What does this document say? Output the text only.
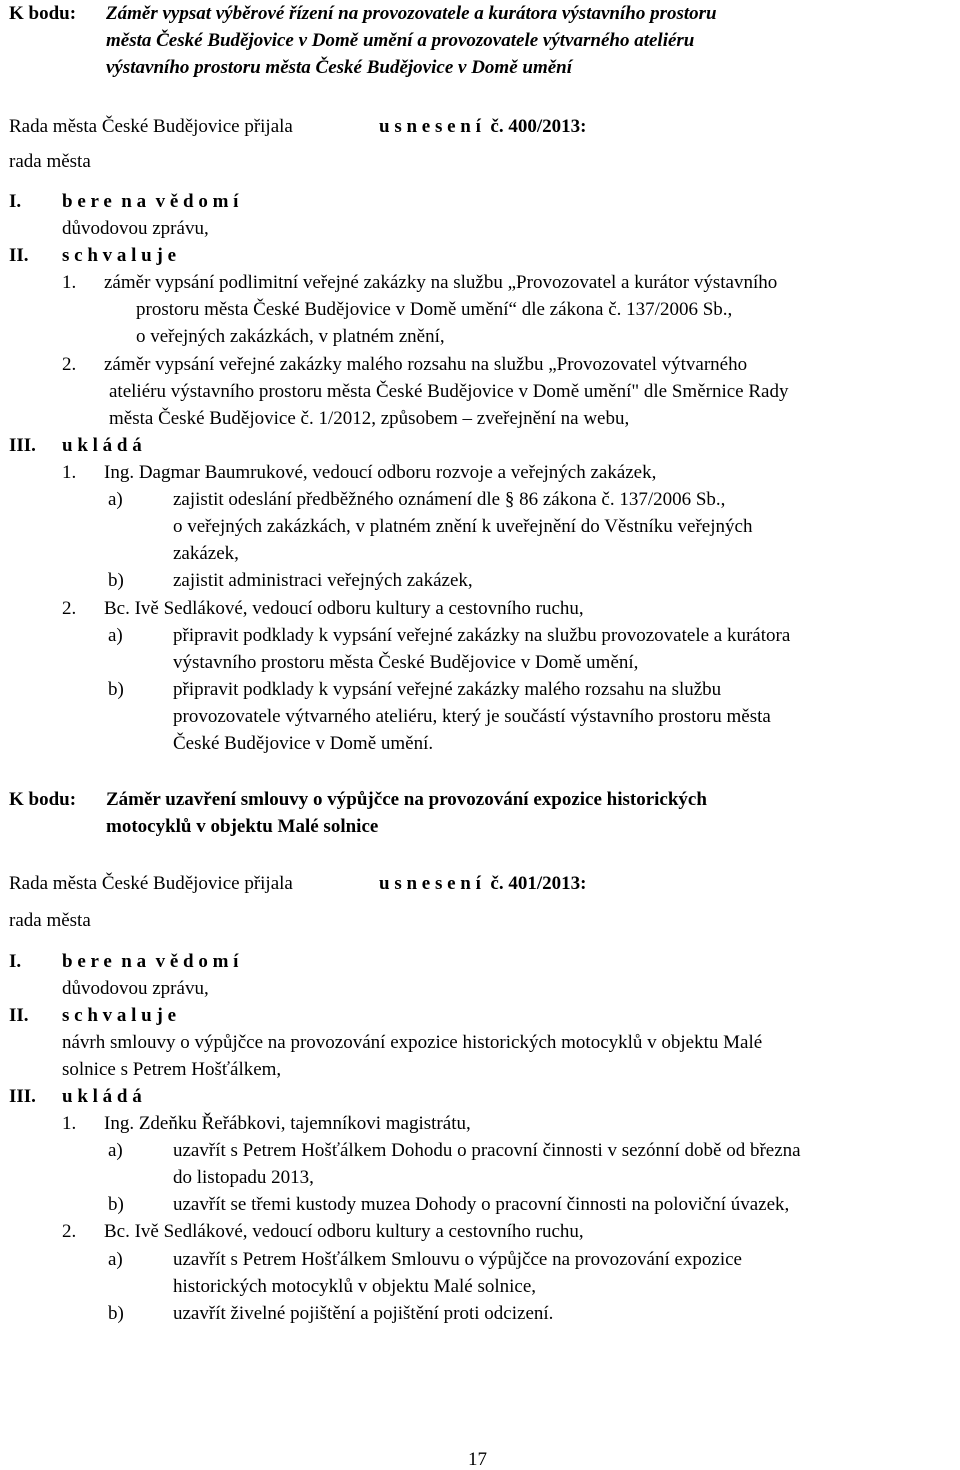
K bodu: Záměr vypsat výběrové řízení na provozovatele a kurátora výstavního prostoru
města České Budějovice v Domě umění a provozovatele výtvarného ateliéru
výstavního prostoru města České Budějovice v Domě umění
Rada města České Budějovice přijala	u s n e s e n í  č. 400/2013:
rada města
I. b e r e  n a  v ě d o m í
důvodovou zprávu,
II. s c h v a l u j e
1. záměr vypsání podlimitní veřejné zakázky na službu „Provozovatel a kurátor výstavního
prostoru města České Budějovice v Domě umění“ dle zákona č. 137/2006 Sb.,
o veřejných zakázkách, v platném znění,
2. záměr vypsání veřejné zakázky malého rozsahu na službu „Provozovatel výtvarného
ateliéru výstavního prostoru města České Budějovice v Domě umění" dle Směrnice Rady
města České Budějovice č. 1/2012, způsobem – zveřejnění na webu,
III. u k l á d á
1. Ing. Dagmar Baumrukové, vedoucí odboru rozvoje a veřejných zakázek,
a)	zajistit odeslání předběžného oznámení dle § 86 zákona č. 137/2006 Sb.,
o veřejných zakázkách, v platném znění k uveřejnění do Věstníku veřejných
zakázek,
b)	zajistit administraci veřejných zakázek,
2. Bc. Ivě Sedlákové, vedoucí odboru kultury a cestovního ruchu,
a)	připravit podklady k vypsání veřejné zakázky na službu provozovatele a kurátora
výstavního prostoru města České Budějovice v Domě umění,
b)	připravit podklady k vypsání veřejné zakázky malého rozsahu na službu
provozovatele výtvarného ateliéru, který je součástí výstavního prostoru města
České Budějovice v Domě umění.
K bodu: Záměr uzavření smlouvy o výpůjčce na provozování expozice historických
motocyklů v objektu Malé solnice
Rada města České Budějovice přijala	u s n e s e n í  č. 401/2013:
rada města
I. b e r e  n a  v ě d o m í
důvodovou zprávu,
II. s c h v a l u j e
návrh smlouvy o výpůjčce na provozování expozice historických motocyklů v objektu Malé
solnice s Petrem Hošťálkem,
III. u k l á d á
1. Ing. Zdeňku Řeřábkovi, tajemníkovi magistrátu,
a)	uzavřít s Petrem Hošťálkem Dohodu o pracovní činnosti v sezónní době od března
do listopadu 2013,
b)	uzavřít se třemi kustody muzea Dohody o pracovní činnosti na poloviční úvazek,
2. Bc. Ivě Sedlákové, vedoucí odboru kultury a cestovního ruchu,
a)	uzavřít s Petrem Hošťálkem Smlouvu o výpůjčce na provozování expozice
historických motocyklů v objektu Malé solnice,
b)	uzavřít živelné pojištění a pojištění proti odcizení.
17
